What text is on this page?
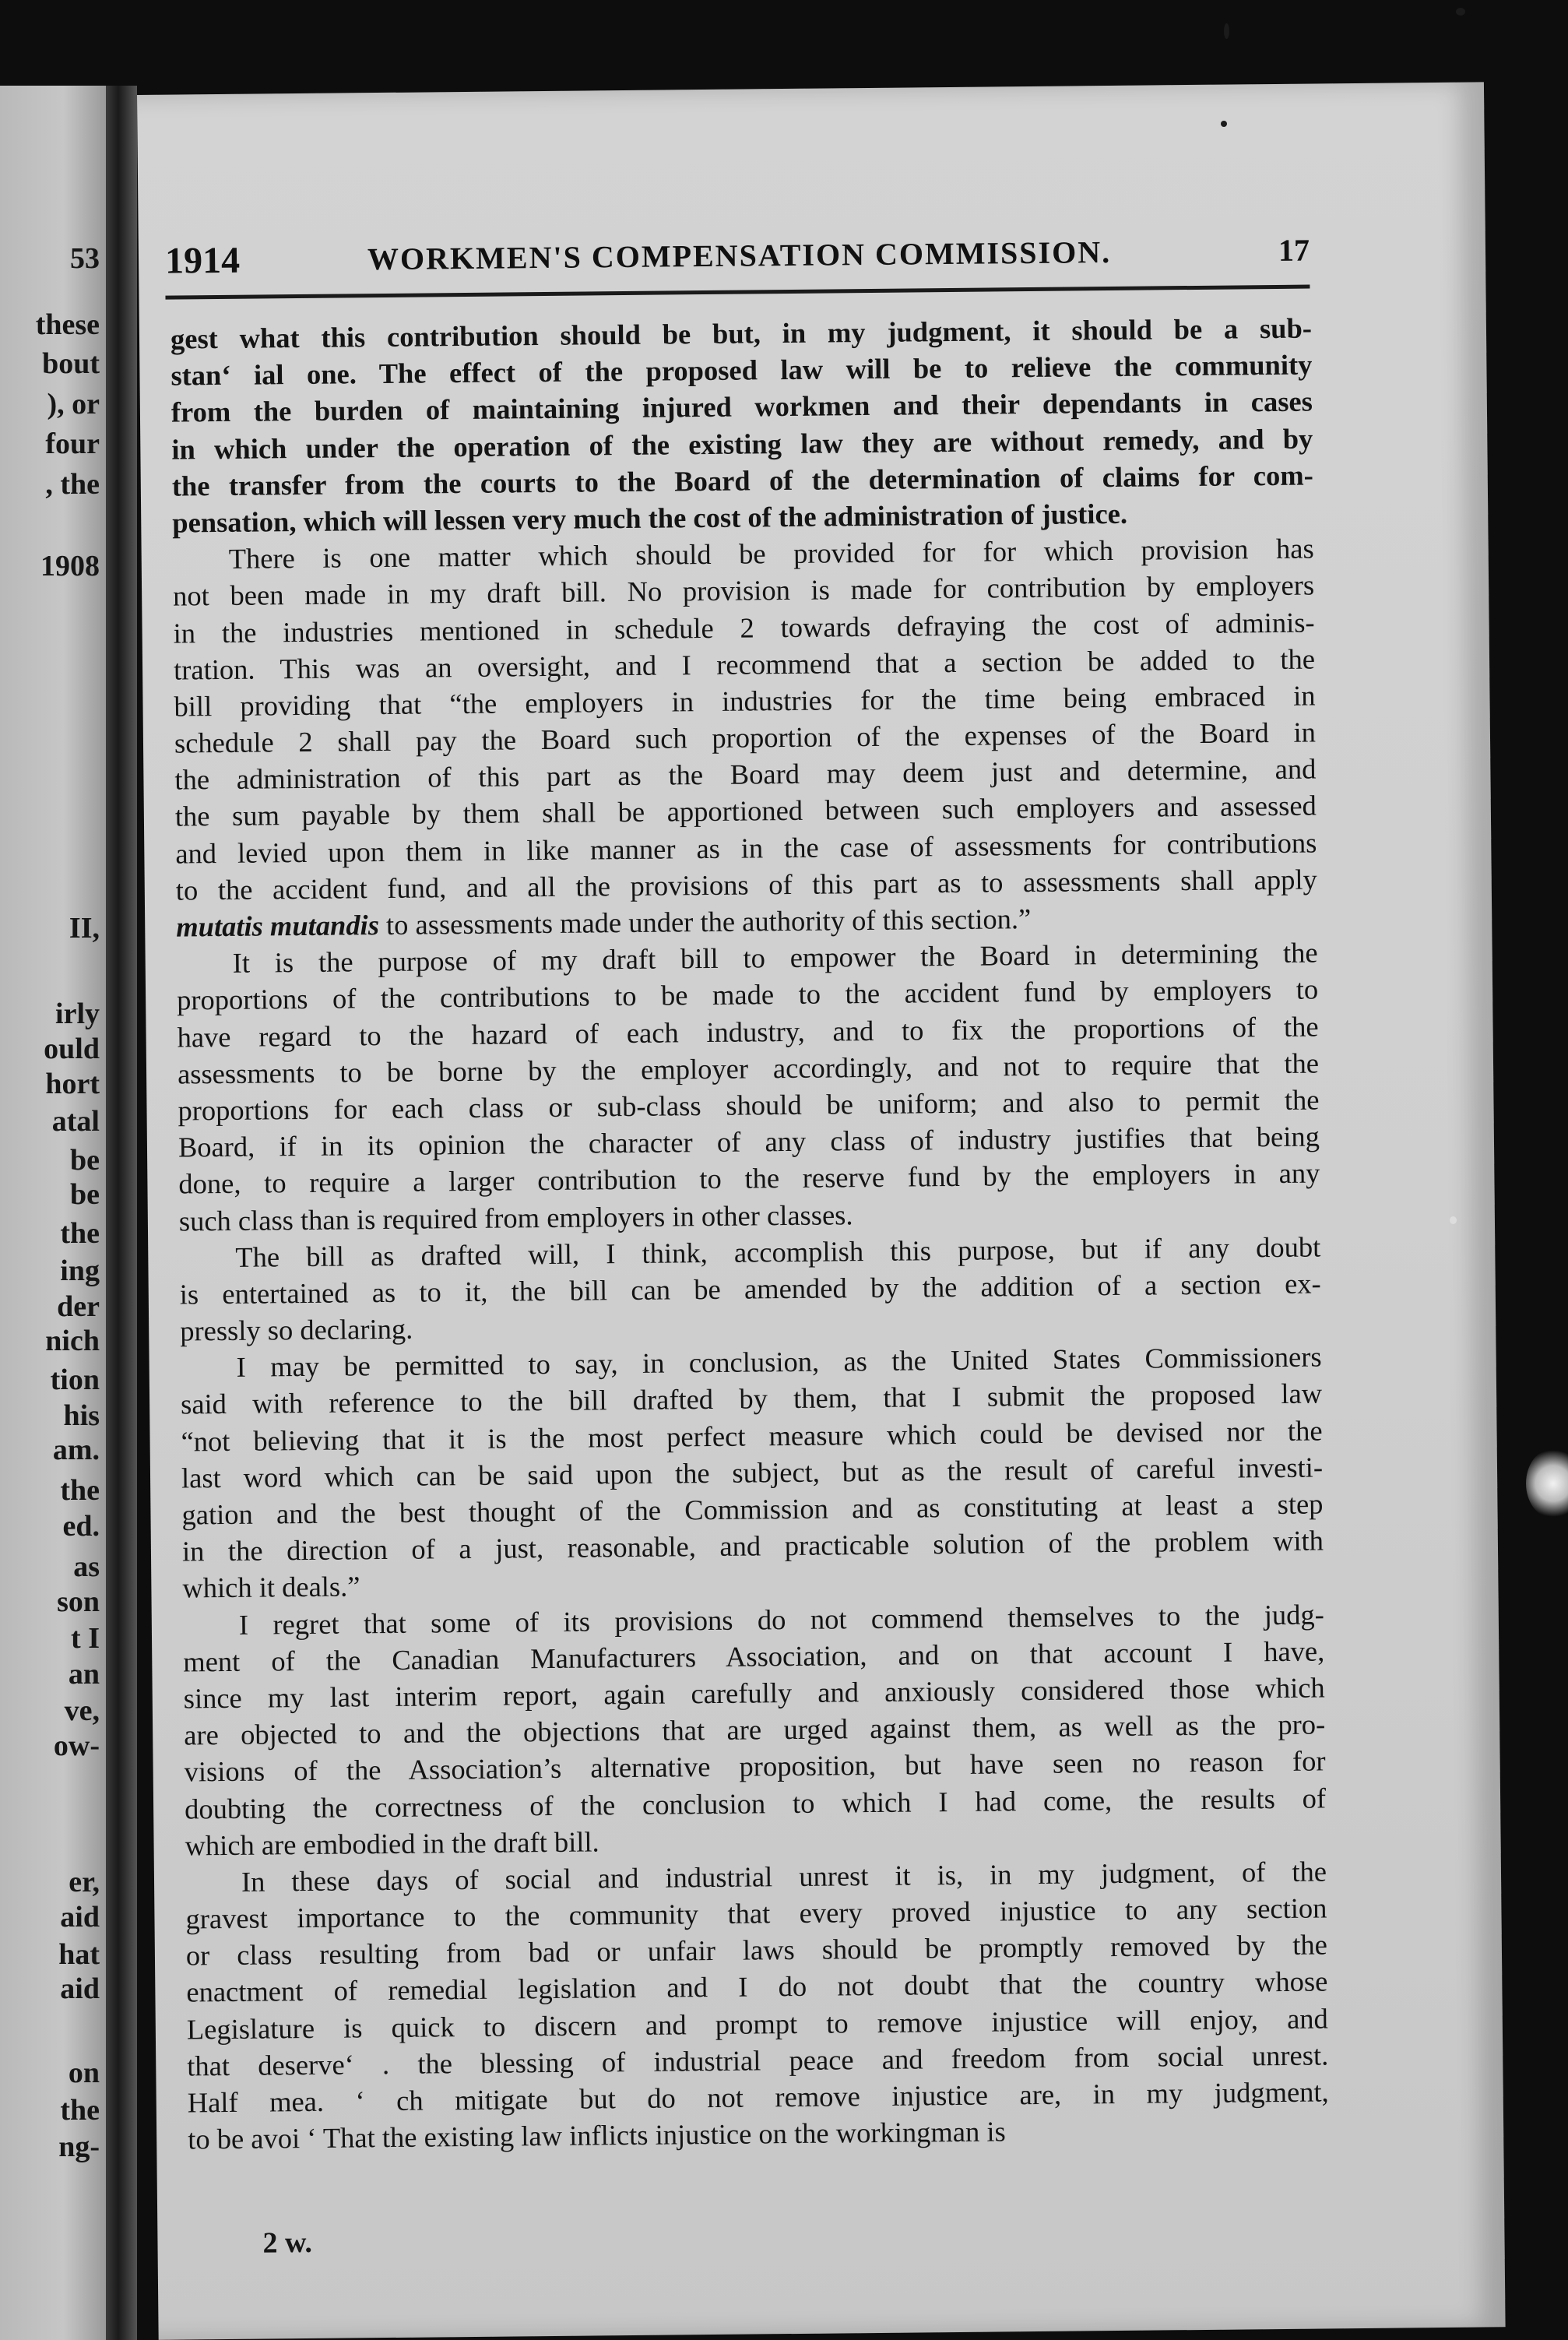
53
these
bout
), or
four
, the
1908
II,
irly
ould
hort
atal
be
be
the
ing
der
nich
tion
his
am.
the
ed.
as
son
t I
an
ve,
ow-
er,
aid
hat
aid
on
the
ng-
1914	WORKMEN'S COMPENSATION COMMISSION.	17
gest what this contribution should be but, in my judgment, it should be a sub-
stan‘ ial one. The effect of the proposed law will be to relieve the community
from the burden of maintaining injured workmen and their dependants in cases
in which under the operation of the existing law they are without remedy, and by
the transfer from the courts to the Board of the determination of claims for com-
pensation, which will lessen very much the cost of the administration of justice.
There is one matter which should be provided for for which provision has
not been made in my draft bill. No provision is made for contribution by employers
in the industries mentioned in schedule 2 towards defraying the cost of adminis-
tration. This was an oversight, and I recommend that a section be added to the
bill providing that “the employers in industries for the time being embraced in
schedule 2 shall pay the Board such proportion of the expenses of the Board in
the administration of this part as the Board may deem just and determine, and
the sum payable by them shall be apportioned between such employers and assessed
and levied upon them in like manner as in the case of assessments for contributions
to the accident fund, and all the provisions of this part as to assessments shall apply
mutatis mutandis to assessments made under the authority of this section.”
It is the purpose of my draft bill to empower the Board in determining the
proportions of the contributions to be made to the accident fund by employers to
have regard to the hazard of each industry, and to fix the proportions of the
assessments to be borne by the employer accordingly, and not to require that the
proportions for each class or sub-class should be uniform; and also to permit the
Board, if in its opinion the character of any class of industry justifies that being
done, to require a larger contribution to the reserve fund by the employers in any
such class than is required from employers in other classes.
The bill as drafted will, I think, accomplish this purpose, but if any doubt
is entertained as to it, the bill can be amended by the addition of a section ex-
pressly so declaring.
I may be permitted to say, in conclusion, as the United States Commissioners
said with reference to the bill drafted by them, that I submit the proposed law
“not believing that it is the most perfect measure which could be devised nor the
last word which can be said upon the subject, but as the result of careful investi-
gation and the best thought of the Commission and as constituting at least a step
in the direction of a just, reasonable, and practicable solution of the problem with
which it deals.”
I regret that some of its provisions do not commend themselves to the judg-
ment of the Canadian Manufacturers Association, and on that account I have,
since my last interim report, again carefully and anxiously considered those which
are objected to and the objections that are urged against them, as well as the pro-
visions of the Association’s alternative proposition, but have seen no reason for
doubting the correctness of the conclusion to which I had come, the results of
which are embodied in the draft bill.
In these days of social and industrial unrest it is, in my judgment, of the
gravest importance to the community that every proved injustice to any section
or class resulting from bad or unfair laws should be promptly removed by the
enactment of remedial legislation and I do not doubt that the country whose
Legislature is quick to discern and prompt to remove injustice will enjoy, and
that deserve‘ . the blessing of industrial peace and freedom from social unrest.
Half mea. ‘ ch mitigate but do not remove injustice are, in my judgment,
to be avoi ‘ That the existing law inflicts injustice on the workingman is
2 w.
